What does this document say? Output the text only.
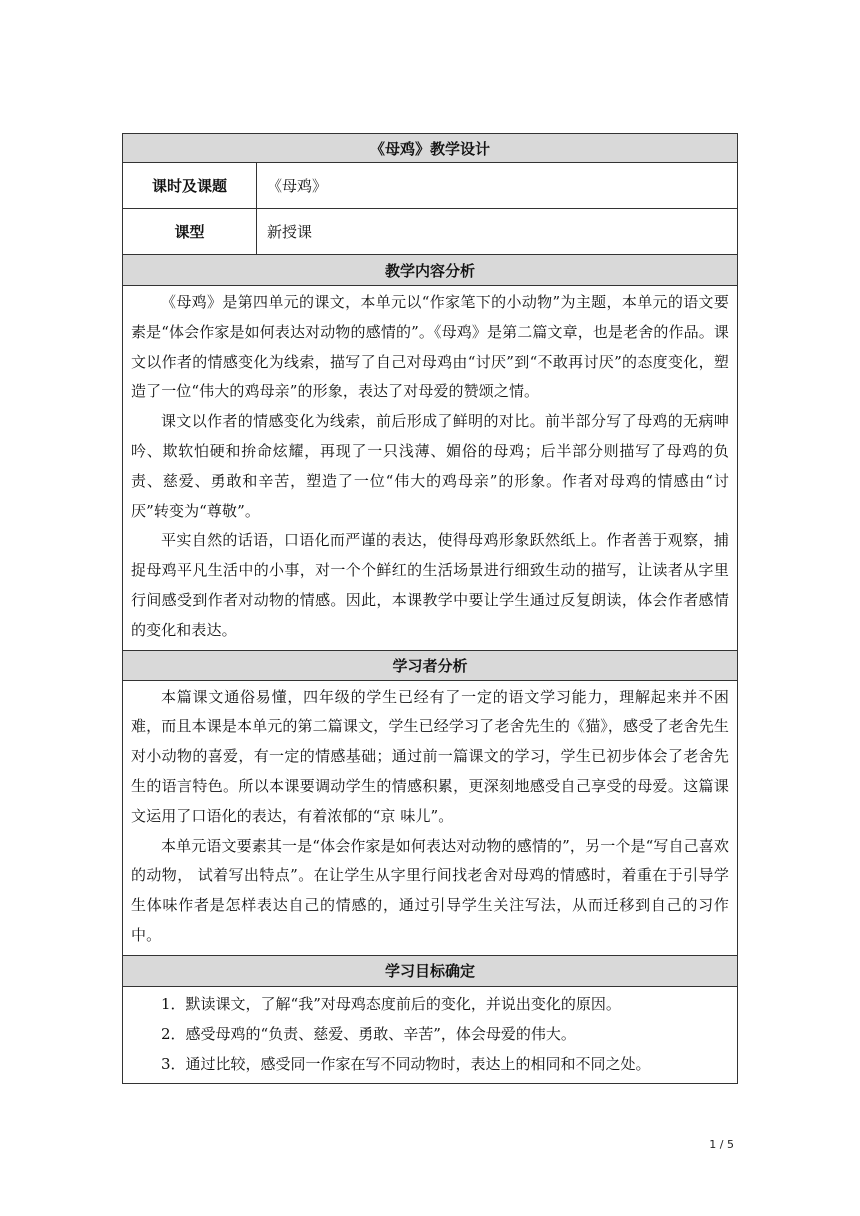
《母鸡》教学设计
课时及课题	《母鸡》
课型	新授课
教学内容分析

《母鸡》是第四单元的课文，本单元以“作家笔下的小动物”为主题，本单元的语文要素是“体会作家是如何表达对动物的感情的”。《母鸡》是第二篇文章，也是老舍的作品。课文以作者的情感变化为线索，描写了自己对母鸡由“讨厌”到“不敢再讨厌”的态度变化，塑造了一位“伟大的鸡母亲”的形象，表达了对母爱的赞颂之情。

课文以作者的情感变化为线索，前后形成了鲜明的对比。前半部分写了母鸡的无病呻吟、欺软怕硬和拚命炫耀，再现了一只浅薄、媚俗的母鸡；后半部分则描写了母鸡的负责、慈爱、勇敢和辛苦，塑造了一位“伟大的鸡母亲”的形象。作者对母鸡的情感由“讨厌”转变为“尊敬”。

平实自然的话语，口语化而严谨的表达，使得母鸡形象跃然纸上。作者善于观察，捕捉母鸡平凡生活中的小事，对一个个鲜红的生活场景进行细致生动的描写，让读者从字里行间感受到作者对动物的情感。因此，本课教学中要让学生通过反复朗读，体会作者感情的变化和表达。

学习者分析

本篇课文通俗易懂，四年级的学生已经有了一定的语文学习能力，理解起来并不困难，而且本课是本单元的第二篇课文，学生已经学习了老舍先生的《猫》，感受了老舍先生对小动物的喜爱，有一定的情感基础；通过前一篇课文的学习，学生已初步体会了老舍先生的语言特色。所以本课要调动学生的情感积累，更深刻地感受自己享受的母爱。这篇课文运用了口语化的表达，有着浓郁的“京 味儿”。

本单元语文要素其一是“体会作家是如何表达对动物的感情的”，另一个是“写自己喜欢的动物， 试着写出特点”。在让学生从字里行间找老舍对母鸡的情感时，着重在于引导学生体味作者是怎样表达自己的情感的，通过引导学生关注写法，从而迁移到自己的习作中。

学习目标确定

1．默读课文，了解“我”对母鸡态度前后的变化，并说出变化的原因。

2．感受母鸡的“负责、慈爱、勇敢、辛苦”，体会母爱的伟大。

3．通过比较，感受同一作家在写不同动物时，表达上的相同和不同之处。

1 / 5
